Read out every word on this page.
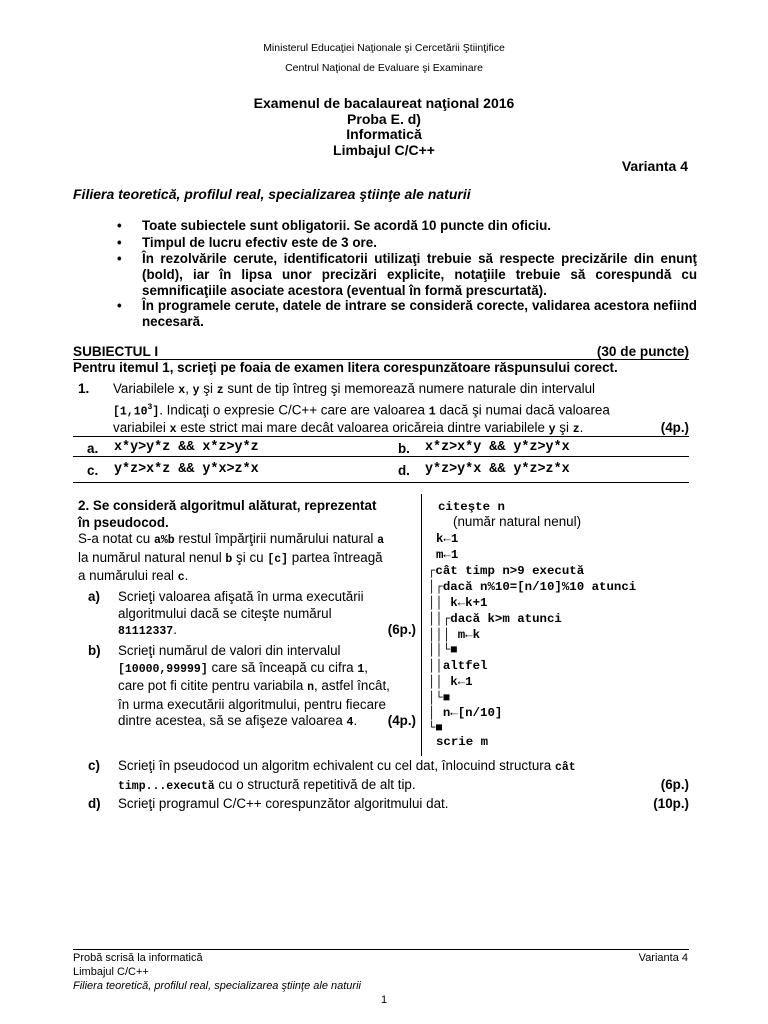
Ministerul Educaţiei Naţionale şi Cercetării Ştiinţifice
Centrul Naţional de Evaluare şi Examinare
Examenul de bacalaureat naţional 2016
Proba E. d)
Informatică
Limbajul C/C++
Varianta 4
Filiera teoretică, profilul real, specializarea ştiinţe ale naturii
• Toate subiectele sunt obligatorii. Se acordă 10 puncte din oficiu.
• Timpul de lucru efectiv este de 3 ore.
• În rezolvările cerute, identificatorii utilizaţi trebuie să respecte precizările din enunţ (bold), iar în lipsa unor precizări explicite, notaţiile trebuie să corespundă cu semnificaţiile asociate acestora (eventual în formă prescurtată).
• În programele cerute, datele de intrare se consideră corecte, validarea acestora nefiind necesară.
SUBIECTUL I	(30 de puncte)
Pentru itemul 1, scrieţi pe foaia de examen litera corespunzătoare răspunsului corect.
1. Variabilele x, y şi z sunt de tip întreg şi memorează numere naturale din intervalul
[1,10$^3$]. Indicaţi o expresie C/C++ care are valoarea 1 dacă şi numai dacă valoarea
variabilei x este strict mai mare decât valoarea oricăreia dintre variabilele y şi z.	(4p.)
a. x*y>y*z && x*z>y*z	b. x*z>x*y && y*z>y*x
c. y*z>x*z && y*x>z*x	d. y*z>y*x && y*z>z*x
2. Se consideră algoritmul alăturat, reprezentat
în pseudocod.
S-a notat cu a%b restul împărţirii numărului natural a
la numărul natural nenul b şi cu [c] partea întreagă
a numărului real c.
a) Scrieţi valoarea afişată în urma executării
algoritmului dacă se citeşte numărul
81112337.	(6p.)
b) Scrieţi numărul de valori din intervalul
[10000,99999] care să înceapă cu cifra 1,
care pot fi citite pentru variabila n, astfel încât,
în urma executării algoritmului, pentru fiecare
dintre acestea, să se afişeze valoarea 4. (4p.)
citeşte n
(număr natural nenul)
k←1
m←1
┌cât timp n>9 execută
│┌dacă n%10=[n/10]%10 atunci
││ k←k+1
││┌dacă k>m atunci
│││ m←k
││└■
││altfel
││ k←1
│└■
│ n←[n/10]
└■
scrie m
c) Scrieţi în pseudocod un algoritm echivalent cu cel dat, înlocuind structura cât
timp...execută cu o structură repetitivă de alt tip.	(6p.)
d) Scrieţi programul C/C++ corespunzător algoritmului dat.	(10p.)
Probă scrisă la informatică
Limbajul C/C++
Filiera teoretică, profilul real, specializarea ştiinţe ale naturii
Varianta 4
1
